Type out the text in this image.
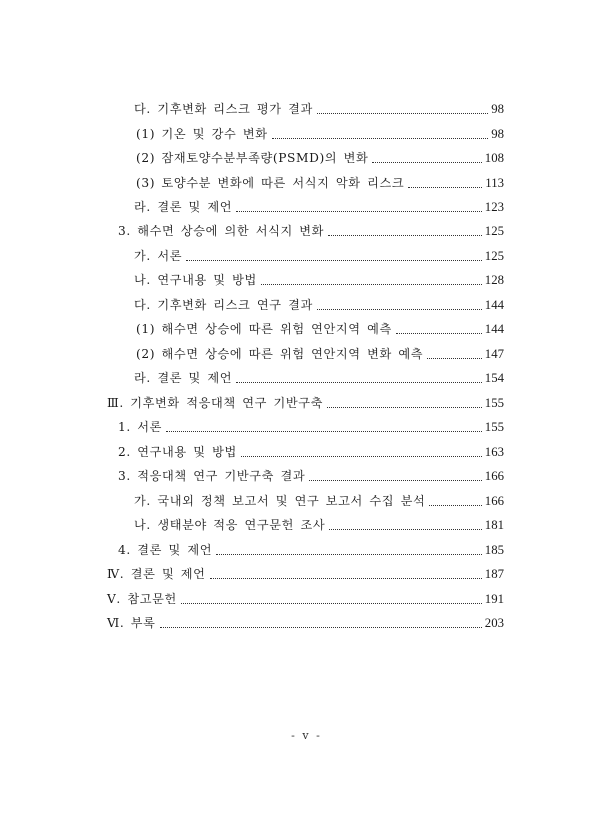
다. 기후변화 리스크 평가 결과	98
(1) 기온 및 강수 변화	98
(2) 잠재토양수분부족량(PSMD)의 변화	108
(3) 토양수분 변화에 따른 서식지 악화 리스크	113
라. 결론 및 제언	123
3. 해수면 상승에 의한 서식지 변화	125
가. 서론	125
나. 연구내용 및 방법	128
다. 기후변화 리스크 연구 결과	144
(1) 해수면 상승에 따른 위험 연안지역 예측	144
(2) 해수면 상승에 따른 위험 연안지역 변화 예측	147
라. 결론 및 제언	154
Ⅲ. 기후변화 적응대책 연구 기반구축	155
1. 서론	155
2. 연구내용 및 방법	163
3. 적응대책 연구 기반구축 결과	166
가. 국내외 정책 보고서 및 연구 보고서 수집 분석	166
나. 생태분야 적응 연구문헌 조사	181
4. 결론 및 제언	185
Ⅳ. 결론 및 제언	187
Ⅴ. 참고문헌	191
Ⅵ. 부록	203
- v -
